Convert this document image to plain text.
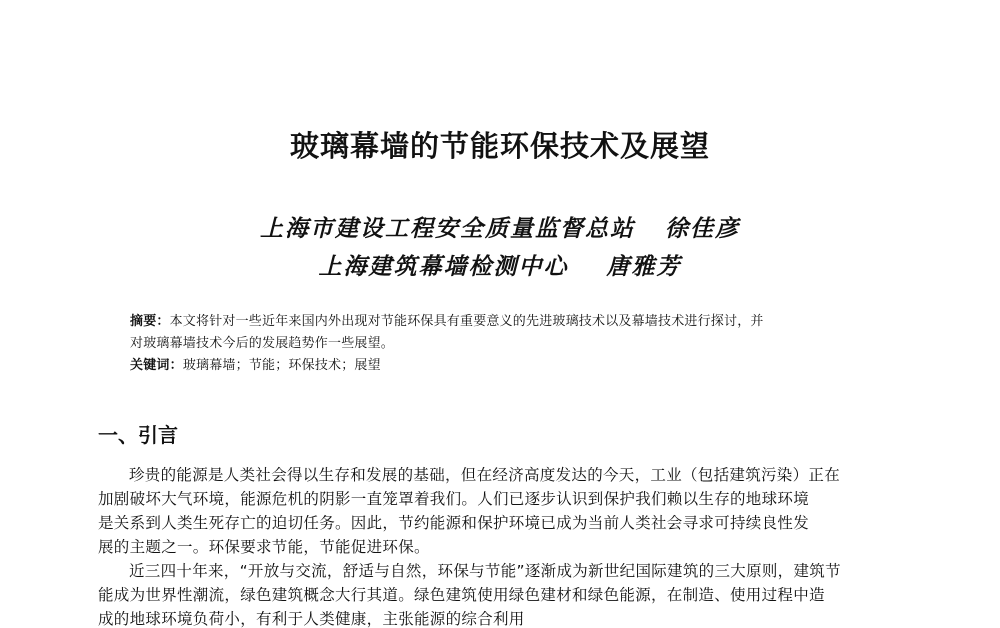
玻璃幕墙的节能环保技术及展望
上海市建设工程安全质量监督总站 徐佳彦
上海建筑幕墙检测中心 唐雅芳
摘要：本文将针对一些近年来国内外出现对节能环保具有重要意义的先进玻璃技术以及幕墙技术进行探讨，并
对玻璃幕墙技术今后的发展趋势作一些展望。
关键词：玻璃幕墙；节能；环保技术；展望
一、引言
珍贵的能源是人类社会得以生存和发展的基础，但在经济高度发达的今天，工业（包括建筑污染）正在
加剧破坏大气环境，能源危机的阴影一直笼罩着我们。人们已逐步认识到保护我们赖以生存的地球环境
是关系到人类生死存亡的迫切任务。因此，节约能源和保护环境已成为当前人类社会寻求可持续良性发
展的主题之一。环保要求节能，节能促进环保。
近三四十年来，“开放与交流，舒适与自然，环保与节能”逐渐成为新世纪国际建筑的三大原则，建筑节
能成为世界性潮流，绿色建筑概念大行其道。绿色建筑使用绿色建材和绿色能源，在制造、使用过程中造
成的地球环境负荷小，有利于人类健康，主张能源的综合利用
